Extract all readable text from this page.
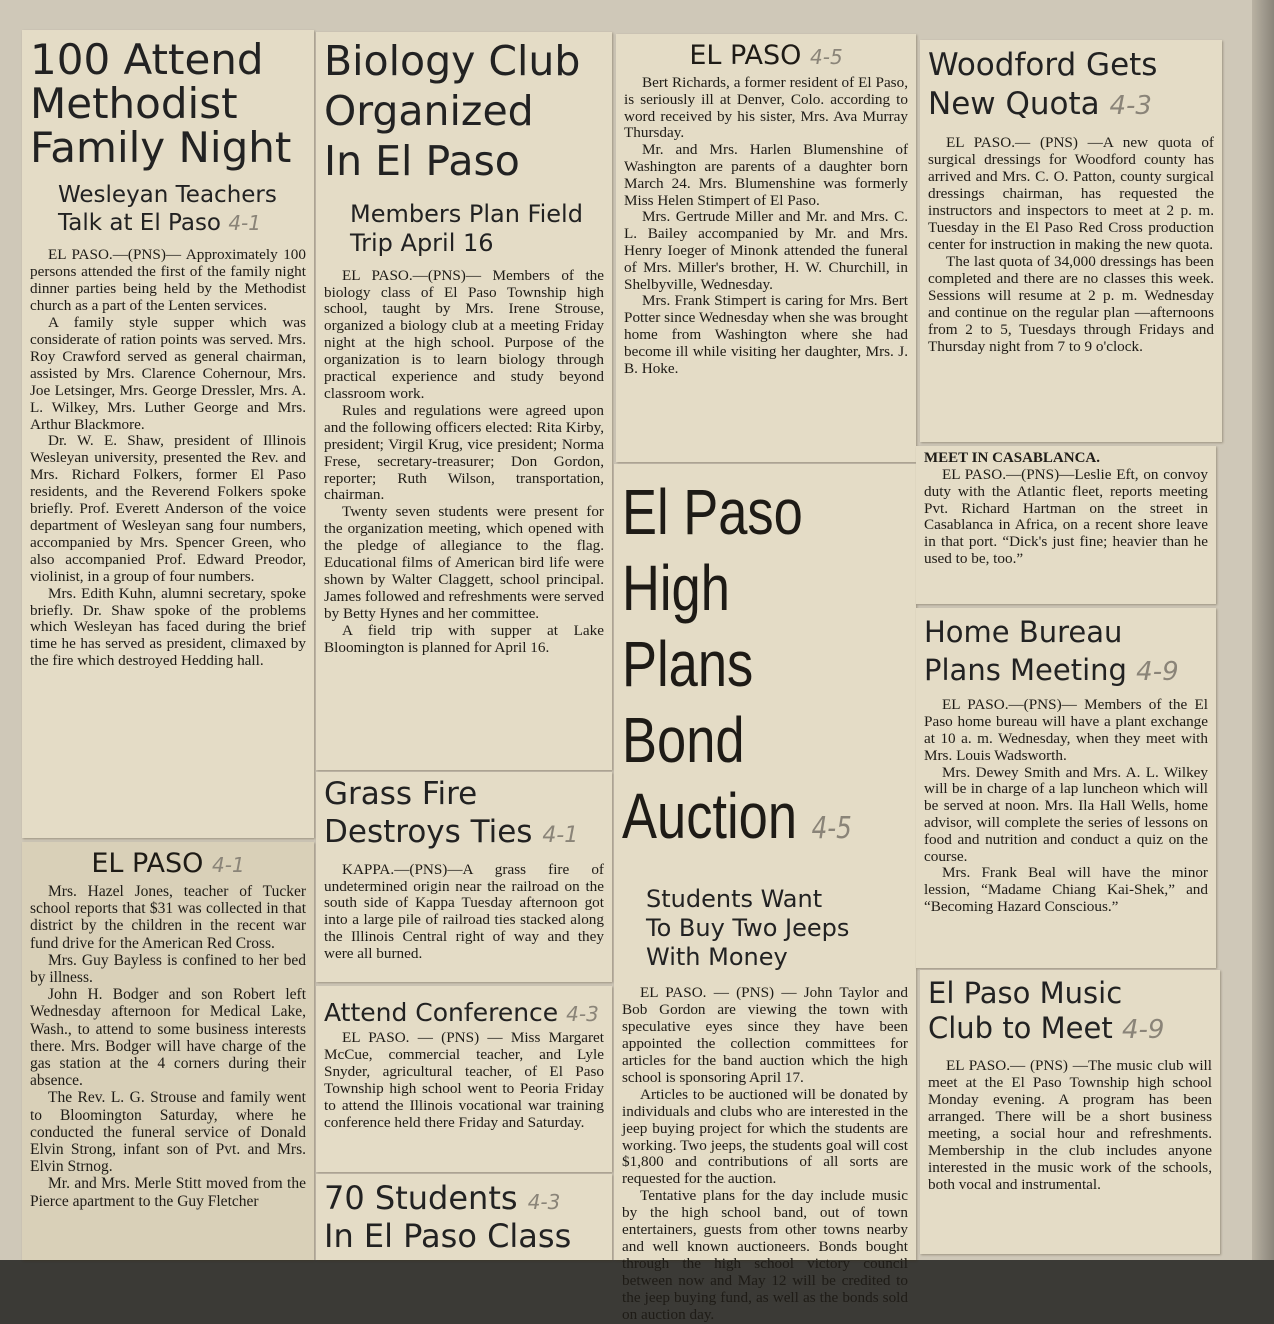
100 Attend
Methodist
Family Night
Wesleyan Teachers
Talk at El Paso 4-1

EL PASO.—(PNS)— Approximately 100 persons attended the first of the family night dinner parties being held by the Methodist church as a part of the Lenten services.

A family style supper which was considerate of ration points was served. Mrs. Roy Crawford served as general chairman, assisted by Mrs. Clarence Cohernour, Mrs. Joe Letsinger, Mrs. George Dressler, Mrs. A. L. Wilkey, Mrs. Luther George and Mrs. Arthur Blackmore.

Dr. W. E. Shaw, president of Illinois Wesleyan university, presented the Rev. and Mrs. Richard Folkers, former El Paso residents, and the Reverend Folkers spoke briefly. Prof. Everett Anderson of the voice department of Wesleyan sang four numbers, accompanied by Mrs. Spencer Green, who also accompanied Prof. Edward Preodor, violinist, in a group of four numbers.

Mrs. Edith Kuhn, alumni secretary, spoke briefly. Dr. Shaw spoke of the problems which Wesleyan has faced during the brief time he has served as president, climaxed by the fire which destroyed Hedding hall.

EL PASO 4-1

Mrs. Hazel Jones, teacher of Tucker school reports that $31 was collected in that district by the children in the recent war fund drive for the American Red Cross.

Mrs. Guy Bayless is confined to her bed by illness.

John H. Bodger and son Robert left Wednesday afternoon for Medical Lake, Wash., to attend to some business interests there. Mrs. Bodger will have charge of the gas station at the 4 corners during their absence.

The Rev. L. G. Strouse and family went to Bloomington Saturday, where he conducted the funeral service of Donald Elvin Strong, infant son of Pvt. and Mrs. Elvin Strnog.

Mr. and Mrs. Merle Stitt moved from the Pierce apartment to the Guy Fletcher

Biology Club
Organized
In El Paso
Members Plan Field
Trip April 16

EL PASO.—(PNS)— Members of the biology class of El Paso Township high school, taught by Mrs. Irene Strouse, organized a biology club at a meeting Friday night at the high school. Purpose of the organization is to learn biology through practical experience and study beyond classroom work.

Rules and regulations were agreed upon and the following officers elected: Rita Kirby, president; Virgil Krug, vice president; Norma Frese, secretary-treasurer; Don Gordon, reporter; Ruth Wilson, transportation, chairman.

Twenty seven students were present for the organization meeting, which opened with the pledge of allegiance to the flag. Educational films of American bird life were shown by Walter Claggett, school principal. James followed and refreshments were served by Betty Hynes and her committee.

A field trip with supper at Lake Bloomington is planned for April 16.

Grass Fire
Destroys Ties 4-1

KAPPA.—(PNS)—A grass fire of undetermined origin near the railroad on the south side of Kappa Tuesday afternoon got into a large pile of railroad ties stacked along the Illinois Central right of way and they were all burned.

Attend Conference 4-3

EL PASO. — (PNS) — Miss Margaret McCue, commercial teacher, and Lyle Snyder, agricultural teacher, of El Paso Township high school went to Peoria Friday to attend the Illinois vocational war training conference held there Friday and Saturday.

70 Students 4-3
In El Paso Class
EL PASO 4-5

Bert Richards, a former resident of El Paso, is seriously ill at Denver, Colo. according to word received by his sister, Mrs. Ava Murray Thursday.

Mr. and Mrs. Harlen Blumenshine of Washington are parents of a daughter born March 24. Mrs. Blumenshine was formerly Miss Helen Stimpert of El Paso.

Mrs. Gertrude Miller and Mr. and Mrs. C. L. Bailey accompanied by Mr. and Mrs. Henry Ioeger of Minonk attended the funeral of Mrs. Miller's brother, H. W. Churchill, in Shelbyville, Wednesday.

Mrs. Frank Stimpert is caring for Mrs. Bert Potter since Wednesday when she was brought home from Washington where she had become ill while visiting her daughter, Mrs. J. B. Hoke.

El Paso High
Plans Bond
Auction 4-5
Students Want
To Buy Two Jeeps
With Money

EL PASO. — (PNS) — John Taylor and Bob Gordon are viewing the town with speculative eyes since they have been appointed the collection committees for articles for the band auction which the high school is sponsoring April 17.

Articles to be auctioned will be donated by individuals and clubs who are interested in the jeep buying project for which the students are working. Two jeeps, the students goal will cost $1,800 and contributions of all sorts are requested for the auction.

Tentative plans for the day include music by the high school band, out of town entertainers, guests from other towns nearby and well known auctioneers. Bonds bought through the high school victory council between now and May 12 will be credited to the jeep buying fund, as well as the bonds sold on auction day.

Woodford Gets
New Quota 4-3

EL PASO.— (PNS) —A new quota of surgical dressings for Woodford county has arrived and Mrs. C. O. Patton, county surgical dressings chairman, has requested the instructors and inspectors to meet at 2 p. m. Tuesday in the El Paso Red Cross production center for instruction in making the new quota.

The last quota of 34,000 dressings has been completed and there are no classes this week. Sessions will resume at 2 p. m. Wednesday and continue on the regular plan —afternoons from 2 to 5, Tuesdays through Fridays and Thursday night from 7 to 9 o'clock.

MEET IN CASABLANCA.

EL PASO.—(PNS)—Leslie Eft, on convoy duty with the Atlantic fleet, reports meeting Pvt. Richard Hartman on the street in Casablanca in Africa, on a recent shore leave in that port. “Dick's just fine; heavier than he used to be, too.”

Home Bureau
Plans Meeting 4-9

EL PASO.—(PNS)— Members of the El Paso home bureau will have a plant exchange at 10 a. m. Wednesday, when they meet with Mrs. Louis Wadsworth.

Mrs. Dewey Smith and Mrs. A. L. Wilkey will be in charge of a lap luncheon which will be served at noon. Mrs. Ila Hall Wells, home advisor, will complete the series of lessons on food and nutrition and conduct a quiz on the course.

Mrs. Frank Beal will have the minor lession, “Madame Chiang Kai-Shek,” and “Becoming Hazard Conscious.”

El Paso Music
Club to Meet 4-9

EL PASO.— (PNS) —The music club will meet at the El Paso Township high school Monday evening. A program has been arranged. There will be a short business meeting, a social hour and refreshments. Membership in the club includes anyone interested in the music work of the schools, both vocal and instrumental.
